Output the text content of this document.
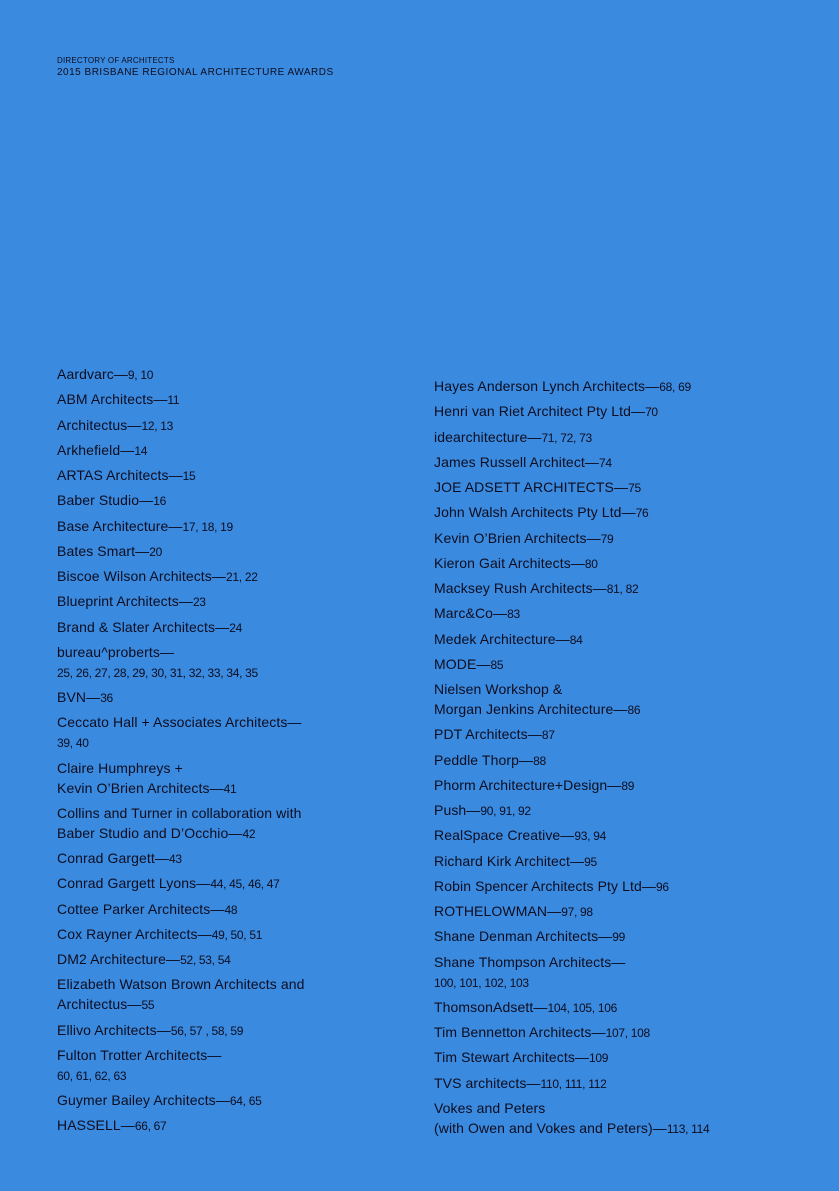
DIRECTORY OF ARCHITECTS
2015 BRISBANE REGIONAL ARCHITECTURE AWARDS
Aardvarc—9, 10
ABM Architects—11
Architectus—12, 13
Arkhefield—14
ARTAS Architects—15
Baber Studio—16
Base Architecture—17, 18, 19
Bates Smart—20
Biscoe Wilson Architects—21, 22
Blueprint Architects—23
Brand & Slater Architects—24
bureau^proberts—
25, 26, 27, 28, 29, 30, 31, 32, 33, 34, 35
BVN—36
Ceccato Hall + Associates Architects—
39, 40
Claire Humphreys +
Kevin O’Brien Architects—41
Collins and Turner in collaboration with
Baber Studio and D’Occhio—42
Conrad Gargett—43
Conrad Gargett Lyons—44, 45, 46, 47
Cottee Parker Architects—48
Cox Rayner Architects—49, 50, 51
DM2 Architecture—52, 53, 54
Elizabeth Watson Brown Architects and
Architectus—55
Ellivo Architects—56, 57 , 58, 59
Fulton Trotter Architects—
60, 61, 62, 63
Guymer Bailey Architects—64, 65
HASSELL—66, 67
Hayes Anderson Lynch Architects—68, 69
Henri van Riet Architect Pty Ltd—70
idearchitecture—71, 72, 73
James Russell Architect—74
JOE ADSETT ARCHITECTS—75
John Walsh Architects Pty Ltd—76
Kevin O’Brien Architects—79
Kieron Gait Architects—80
Macksey Rush Architects—81, 82
Marc&Co—83
Medek Architecture—84
MODE—85
Nielsen Workshop &
Morgan Jenkins Architecture—86
PDT Architects—87
Peddle Thorp—88
Phorm Architecture+Design—89
Push—90, 91, 92
RealSpace Creative—93, 94
Richard Kirk Architect—95
Robin Spencer Architects Pty Ltd—96
ROTHELOWMAN—97, 98
Shane Denman Architects—99
Shane Thompson Architects—
100, 101, 102, 103
ThomsonAdsett—104, 105, 106
Tim Bennetton Architects—107, 108
Tim Stewart Architects—109
TVS architects—110, 111, 112
Vokes and Peters
(with Owen and Vokes and Peters)—113, 114
